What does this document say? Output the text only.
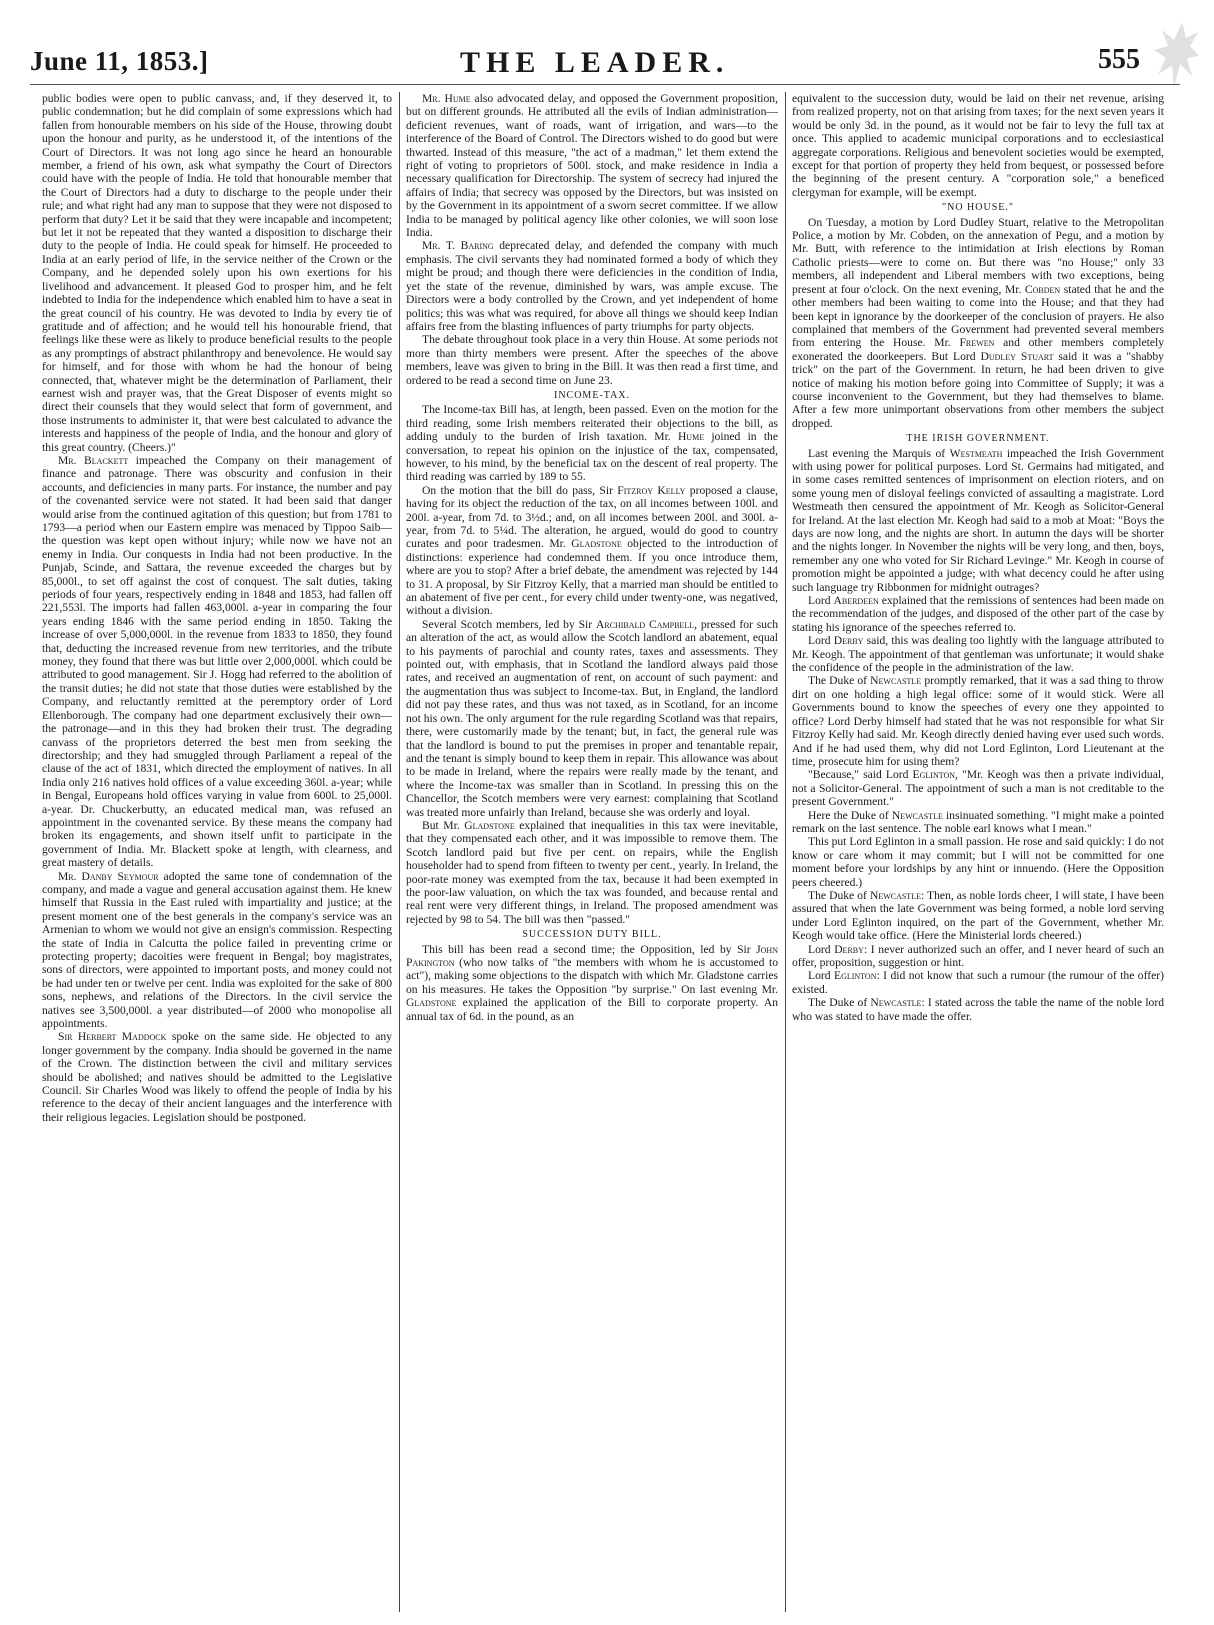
June 11, 1853.]	THE LEADER.	555

public bodies were open to public canvass, and, if they deserved it, to public condemnation; but he did complain of some expressions which had fallen from honourable members on his side of the House, throwing doubt upon the honour and purity, as he understood it, of the intentions of the Court of Directors. It was not long ago since he heard an honourable member, a friend of his own, ask what sympathy the Court of Directors could have with the people of India. He told that honourable member that the Court of Directors had a duty to discharge to the people under their rule; and what right had any man to suppose that they were not disposed to perform that duty? Let it be said that they were incapable and incompetent; but let it not be repeated that they wanted a disposition to discharge their duty to the people of India. He could speak for himself. He proceeded to India at an early period of life, in the service neither of the Crown or the Company, and he depended solely upon his own exertions for his livelihood and advancement. It pleased God to prosper him, and he felt indebted to India for the independence which enabled him to have a seat in the great council of his country. He was devoted to India by every tie of gratitude and of affection; and he would tell his honourable friend, that feelings like these were as likely to produce beneficial results to the people as any promptings of abstract philanthropy and benevolence. He would say for himself, and for those with whom he had the honour of being connected, that, whatever might be the determination of Parliament, their earnest wish and prayer was, that the Great Disposer of events might so direct their counsels that they would select that form of government, and those instruments to administer it, that were best calculated to advance the interests and happiness of the people of India, and the honour and glory of this great country. (Cheers.)"

Mr. Blackett impeached the Company on their management of finance and patronage. There was obscurity and confusion in their accounts, and deficiencies in many parts. For instance, the number and pay of the covenanted service were not stated. It had been said that danger would arise from the continued agitation of this question; but from 1781 to 1793—a period when our Eastern empire was menaced by Tippoo Saib—the question was kept open without injury; while now we have not an enemy in India. Our conquests in India had not been productive. In the Punjab, Scinde, and Sattara, the revenue exceeded the charges but by 85,000l., to set off against the cost of conquest. The salt duties, taking periods of four years, respectively ending in 1848 and 1853, had fallen off 221,553l. The imports had fallen 463,000l. a-year in comparing the four years ending 1846 with the same period ending in 1850. Taking the increase of over 5,000,000l. in the revenue from 1833 to 1850, they found that, deducting the increased revenue from new territories, and the tribute money, they found that there was but little over 2,000,000l. which could be attributed to good management. Sir J. Hogg had referred to the abolition of the transit duties; he did not state that those duties were established by the Company, and reluctantly remitted at the peremptory order of Lord Ellenborough. The company had one department exclusively their own—the patronage—and in this they had broken their trust. The degrading canvass of the proprietors deterred the best men from seeking the directorship; and they had smuggled through Parliament a repeal of the clause of the act of 1831, which directed the employment of natives. In all India only 216 natives hold offices of a value exceeding 360l. a-year; while in Bengal, Europeans hold offices varying in value from 600l. to 25,000l. a-year. Dr. Chuckerbutty, an educated medical man, was refused an appointment in the covenanted service. By these means the company had broken its engagements, and shown itself unfit to participate in the government of India. Mr. Blackett spoke at length, with clearness, and great mastery of details.

Mr. Danby Seymour adopted the same tone of condemnation of the company, and made a vague and general accusation against them. He knew himself that Russia in the East ruled with impartiality and justice; at the present moment one of the best generals in the company's service was an Armenian to whom we would not give an ensign's commission. Respecting the state of India in Calcutta the police failed in preventing crime or protecting property; dacoities were frequent in Bengal; boy magistrates, sons of directors, were appointed to important posts, and money could not be had under ten or twelve per cent. India was exploited for the sake of 800 sons, nephews, and relations of the Directors. In the civil service the natives see 3,500,000l. a year distributed—of 2000 who monopolise all appointments.

Sir Herbert Maddock spoke on the same side. He objected to any longer government by the company. India should be governed in the name of the Crown. The distinction between the civil and military services should be abolished; and natives should be admitted to the Legislative Council. Sir Charles Wood was likely to offend the people of India by his reference to the decay of their ancient languages and the interference with their religious legacies. Legislation should be postponed.

Mr. Hume also advocated delay, and opposed the Government proposition, but on different grounds. He attributed all the evils of Indian administration—deficient revenues, want of roads, want of irrigation, and wars—to the interference of the Board of Control. The Directors wished to do good but were thwarted. Instead of this measure, "the act of a madman," let them extend the right of voting to proprietors of 500l. stock, and make residence in India a necessary qualification for Directorship. The system of secrecy had injured the affairs of India; that secrecy was opposed by the Directors, but was insisted on by the Government in its appointment of a sworn secret committee. If we allow India to be managed by political agency like other colonies, we will soon lose India.

Mr. T. Baring deprecated delay, and defended the company with much emphasis. The civil servants they had nominated formed a body of which they might be proud; and though there were deficiencies in the condition of India, yet the state of the revenue, diminished by wars, was ample excuse. The Directors were a body controlled by the Crown, and yet independent of home politics; this was what was required, for above all things we should keep Indian affairs free from the blasting influences of party triumphs for party objects.

The debate throughout took place in a very thin House. At some periods not more than thirty members were present. After the speeches of the above members, leave was given to bring in the Bill. It was then read a first time, and ordered to be read a second time on June 23.

INCOME-TAX.

The Income-tax Bill has, at length, been passed. Even on the motion for the third reading, some Irish members reiterated their objections to the bill, as adding unduly to the burden of Irish taxation. Mr. Hume joined in the conversation, to repeat his opinion on the injustice of the tax, compensated, however, to his mind, by the beneficial tax on the descent of real property. The third reading was carried by 189 to 55.

On the motion that the bill do pass, Sir Fitzroy Kelly proposed a clause, having for its object the reduction of the tax, on all incomes between 100l. and 200l. a-year, from 7d. to 3½d.; and, on all incomes between 200l. and 300l. a-year, from 7d. to 5¼d. The alteration, he argued, would do good to country curates and poor tradesmen. Mr. Gladstone objected to the introduction of distinctions: experience had condemned them. If you once introduce them, where are you to stop? After a brief debate, the amendment was rejected by 144 to 31. A proposal, by Sir Fitzroy Kelly, that a married man should be entitled to an abatement of five per cent., for every child under twenty-one, was negatived, without a division.

Several Scotch members, led by Sir Archibald Campbell, pressed for such an alteration of the act, as would allow the Scotch landlord an abatement, equal to his payments of parochial and county rates, taxes and assessments. They pointed out, with emphasis, that in Scotland the landlord always paid those rates, and received an augmentation of rent, on account of such payment: and the augmentation thus was subject to Income-tax. But, in England, the landlord did not pay these rates, and thus was not taxed, as in Scotland, for an income not his own. The only argument for the rule regarding Scotland was that repairs, there, were customarily made by the tenant; but, in fact, the general rule was that the landlord is bound to put the premises in proper and tenantable repair, and the tenant is simply bound to keep them in repair. This allowance was about to be made in Ireland, where the repairs were really made by the tenant, and where the Income-tax was smaller than in Scotland. In pressing this on the Chancellor, the Scotch members were very earnest: complaining that Scotland was treated more unfairly than Ireland, because she was orderly and loyal.

But Mr. Gladstone explained that inequalities in this tax were inevitable, that they compensated each other, and it was impossible to remove them. The Scotch landlord paid but five per cent. on repairs, while the English householder had to spend from fifteen to twenty per cent., yearly. In Ireland, the poor-rate money was exempted from the tax, because it had been exempted in the poor-law valuation, on which the tax was founded, and because rental and real rent were very different things, in Ireland. The proposed amendment was rejected by 98 to 54. The bill was then "passed."

SUCCESSION DUTY BILL.

This bill has been read a second time; the Opposition, led by Sir John Pakington (who now talks of "the members with whom he is accustomed to act"), making some objections to the dispatch with which Mr. Gladstone carries on his measures. He takes the Opposition "by surprise." On last evening Mr. Gladstone explained the application of the Bill to corporate property. An annual tax of 6d. in the pound, as an

equivalent to the succession duty, would be laid on their net revenue, arising from realized property, not on that arising from taxes; for the next seven years it would be only 3d. in the pound, as it would not be fair to levy the full tax at once. This applied to academic municipal corporations and to ecclesiastical aggregate corporations. Religious and benevolent societies would be exempted, except for that portion of property they held from bequest, or possessed before the beginning of the present century. A "corporation sole," a beneficed clergyman for example, will be exempt.

"NO HOUSE."

On Tuesday, a motion by Lord Dudley Stuart, relative to the Metropolitan Police, a motion by Mr. Cobden, on the annexation of Pegu, and a motion by Mr. Butt, with reference to the intimidation at Irish elections by Roman Catholic priests—were to come on. But there was "no House;" only 33 members, all independent and Liberal members with two exceptions, being present at four o'clock. On the next evening, Mr. Cobden stated that he and the other members had been waiting to come into the House; and that they had been kept in ignorance by the doorkeeper of the conclusion of prayers. He also complained that members of the Government had prevented several members from entering the House. Mr. Frewen and other members completely exonerated the doorkeepers. But Lord Dudley Stuart said it was a "shabby trick" on the part of the Government. In return, he had been driven to give notice of making his motion before going into Committee of Supply; it was a course inconvenient to the Government, but they had themselves to blame. After a few more unimportant observations from other members the subject dropped.

THE IRISH GOVERNMENT.

Last evening the Marquis of Westmeath impeached the Irish Government with using power for political purposes. Lord St. Germains had mitigated, and in some cases remitted sentences of imprisonment on election rioters, and on some young men of disloyal feelings convicted of assaulting a magistrate. Lord Westmeath then censured the appointment of Mr. Keogh as Solicitor-General for Ireland. At the last election Mr. Keogh had said to a mob at Moat: "Boys the days are now long, and the nights are short. In autumn the days will be shorter and the nights longer. In November the nights will be very long, and then, boys, remember any one who voted for Sir Richard Levinge." Mr. Keogh in course of promotion might be appointed a judge; with what decency could he after using such language try Ribbonmen for midnight outrages?

Lord Aberdeen explained that the remissions of sentences had been made on the recommendation of the judges, and disposed of the other part of the case by stating his ignorance of the speeches referred to.

Lord Derby said, this was dealing too lightly with the language attributed to Mr. Keogh. The appointment of that gentleman was unfortunate; it would shake the confidence of the people in the administration of the law.

The Duke of Newcastle promptly remarked, that it was a sad thing to throw dirt on one holding a high legal office: some of it would stick. Were all Governments bound to know the speeches of every one they appointed to office? Lord Derby himself had stated that he was not responsible for what Sir Fitzroy Kelly had said. Mr. Keogh directly denied having ever used such words. And if he had used them, why did not Lord Eglinton, Lord Lieutenant at the time, prosecute him for using them?

"Because," said Lord Eglinton, "Mr. Keogh was then a private individual, not a Solicitor-General. The appointment of such a man is not creditable to the present Government."

Here the Duke of Newcastle insinuated something. "I might make a pointed remark on the last sentence. The noble earl knows what I mean."

This put Lord Eglinton in a small passion. He rose and said quickly: I do not know or care whom it may commit; but I will not be committed for one moment before your lordships by any hint or innuendo. (Here the Opposition peers cheered.)

The Duke of Newcastle: Then, as noble lords cheer, I will state, I have been assured that when the late Government was being formed, a noble lord serving under Lord Eglinton inquired, on the part of the Government, whether Mr. Keogh would take office. (Here the Ministerial lords cheered.)

Lord Derby: I never authorized such an offer, and I never heard of such an offer, proposition, suggestion or hint.

Lord Eglinton: I did not know that such a rumour (the rumour of the offer) existed.

The Duke of Newcastle: I stated across the table the name of the noble lord who was stated to have made the offer.
